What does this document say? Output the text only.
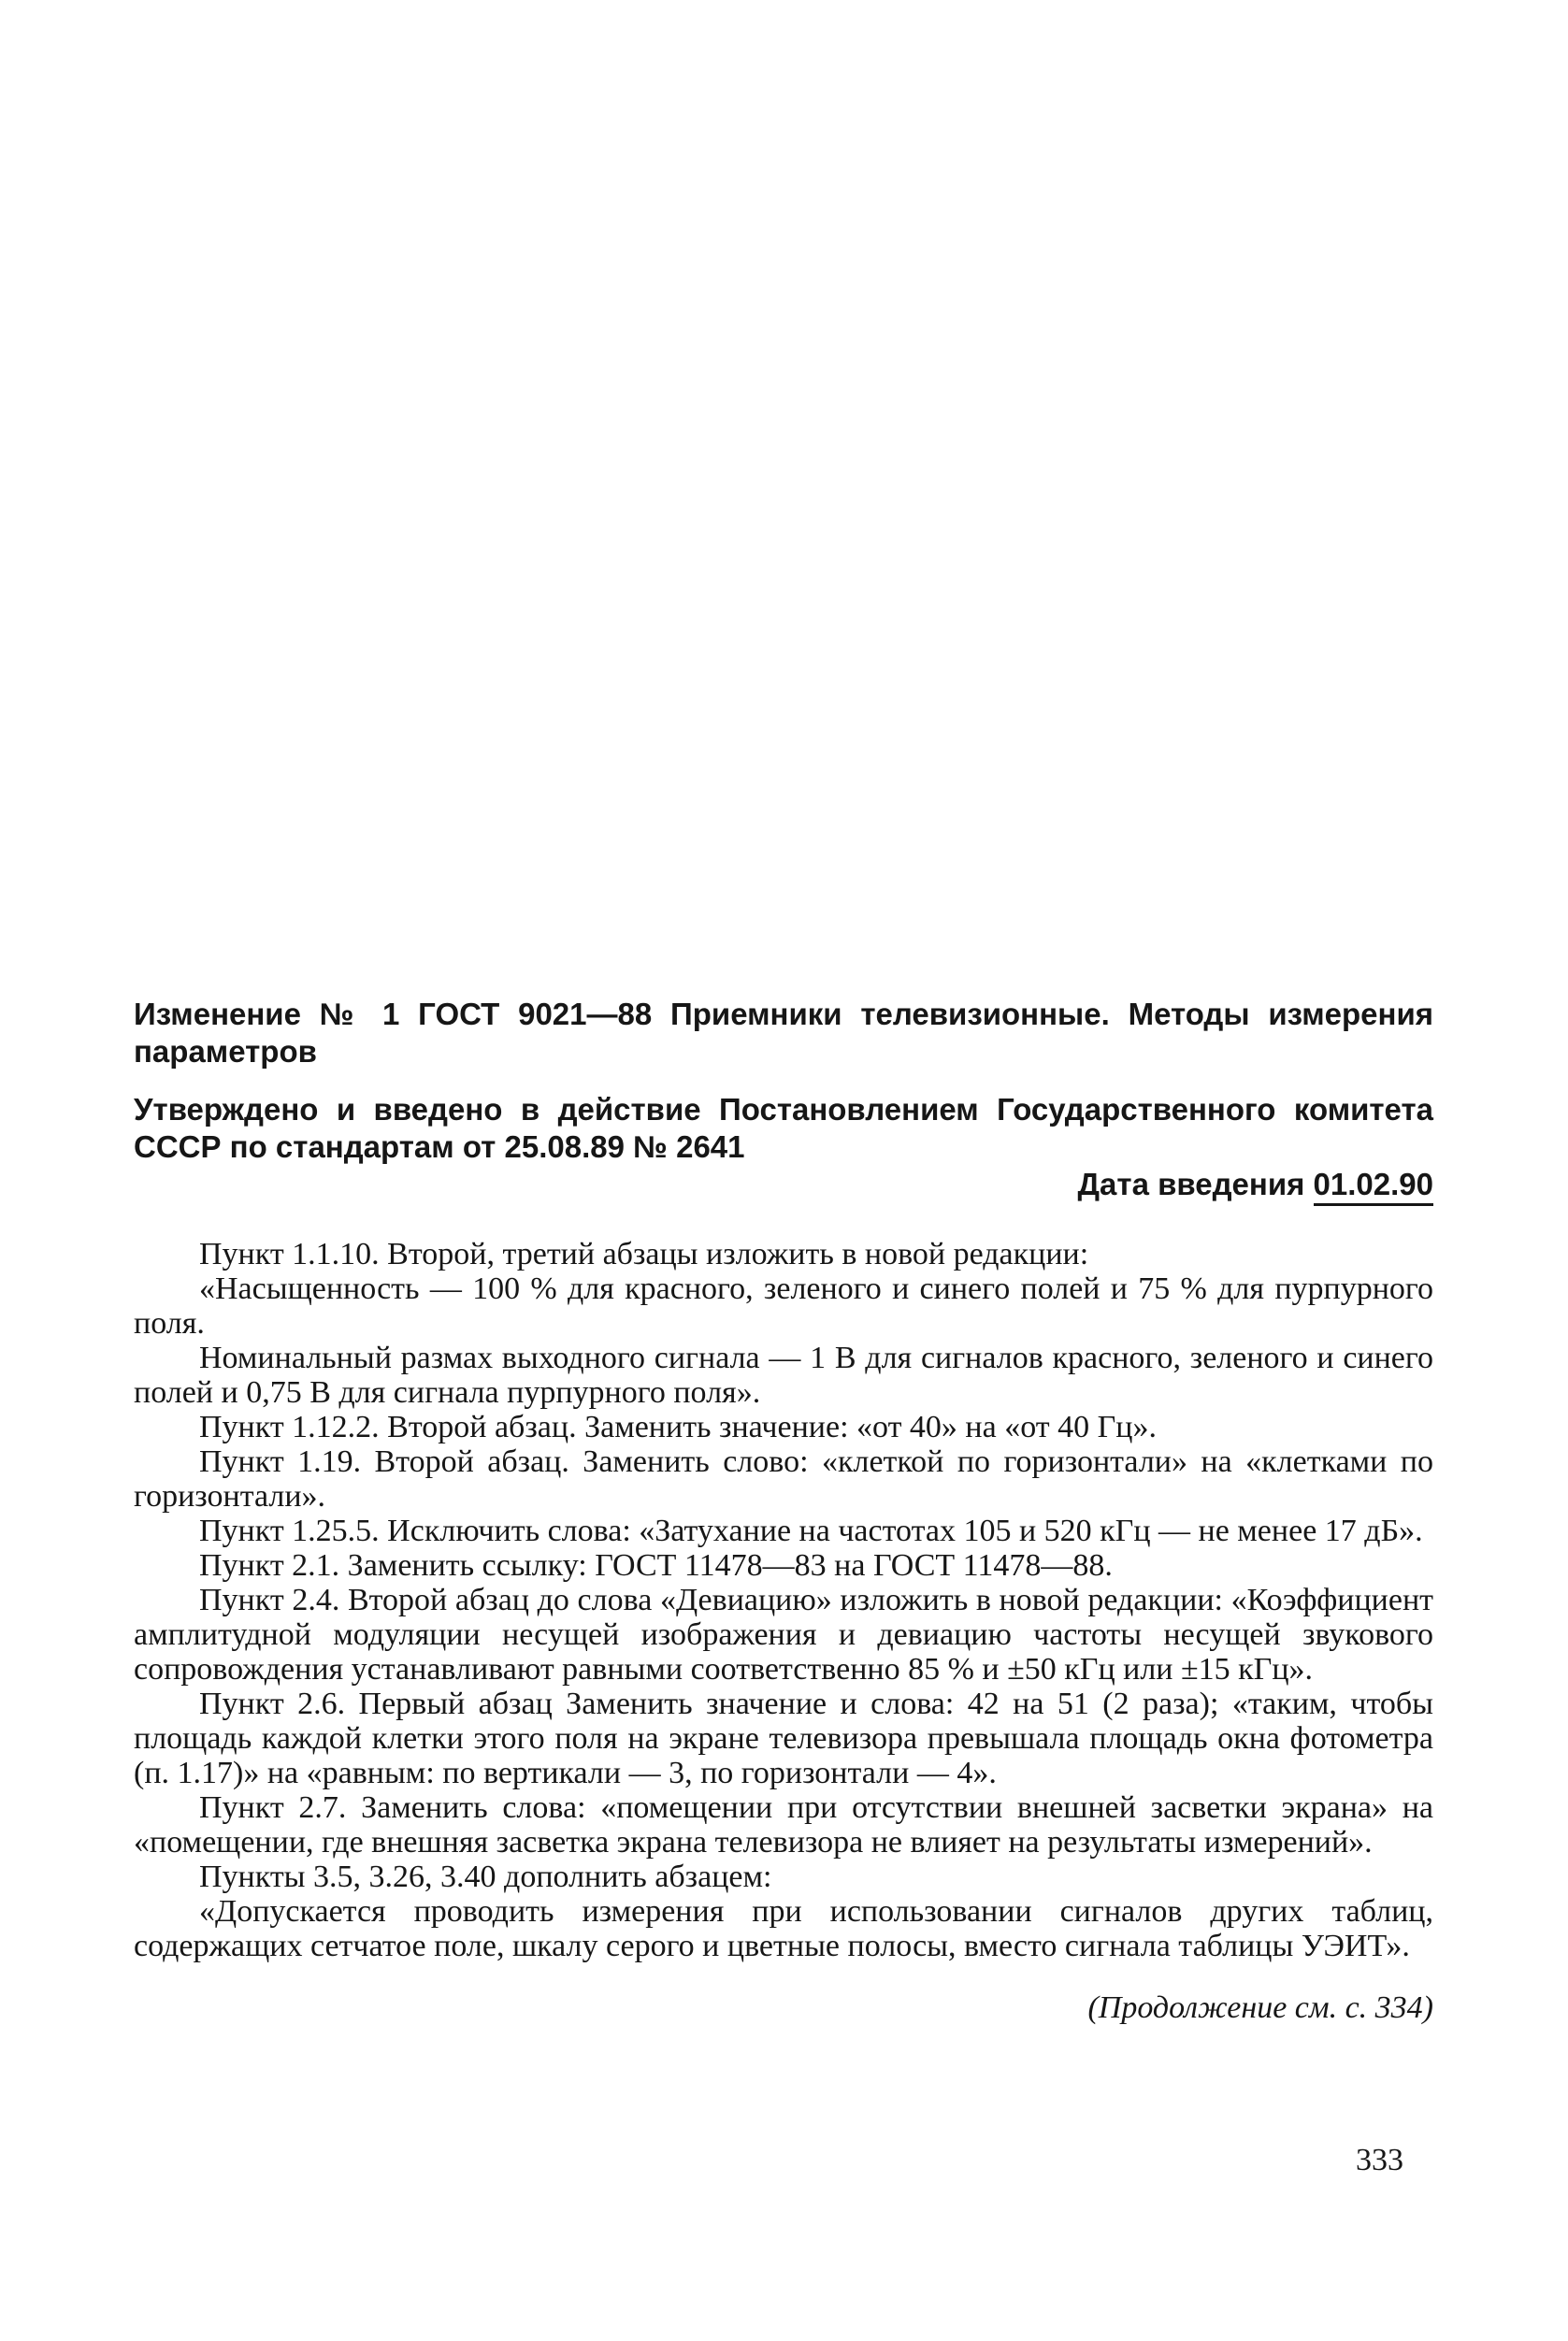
Изменение № 1 ГОСТ 9021—88 Приемники телевизионные. Методы измерения параметров

Утверждено и введено в действие Постановлением Государственного комитета СССР по стандартам от 25.08.89 № 2641

Дата введения 01.02.90

Пункт 1.1.10. Второй, третий абзацы изложить в новой редакции:

«Насыщенность — 100 % для красного, зеленого и синего полей и 75 % для пурпурного поля.

Номинальный размах выходного сигнала — 1 В для сигналов красного, зеленого и синего полей и 0,75 В для сигнала пурпурного поля».

Пункт 1.12.2. Второй абзац. Заменить значение: «от 40» на «от 40 Гц».

Пункт 1.19. Второй абзац. Заменить слово: «клеткой по горизонтали» на «клетками по горизонтали».

Пункт 1.25.5. Исключить слова: «Затухание на частотах 105 и 520 кГц — не менее 17 дБ».

Пункт 2.1. Заменить ссылку: ГОСТ 11478—83 на ГОСТ 11478—88.

Пункт 2.4. Второй абзац до слова «Девиацию» изложить в новой редакции: «Коэффициент амплитудной модуляции несущей изображения и девиацию частоты несущей звукового сопровождения устанавливают равными соответственно 85 % и ±50 кГц или ±15 кГц».

Пункт 2.6. Первый абзац Заменить значение и слова: 42 на 51 (2 раза); «таким, чтобы площадь каждой клетки этого поля на экране телевизора превышала площадь окна фотометра (п. 1.17)» на «равным: по вертикали — 3, по горизонтали — 4».

Пункт 2.7. Заменить слова: «помещении при отсутствии внешней засветки экрана» на «помещении, где внешняя засветка экрана телевизора не влияет на результаты измерений».

Пункты 3.5, 3.26, 3.40 дополнить абзацем:

«Допускается проводить измерения при использовании сигналов других таблиц, содержащих сетчатое поле, шкалу серого и цветные полосы, вместо сигнала таблицы УЭИТ».

(Продолжение см. с. 334)

333
